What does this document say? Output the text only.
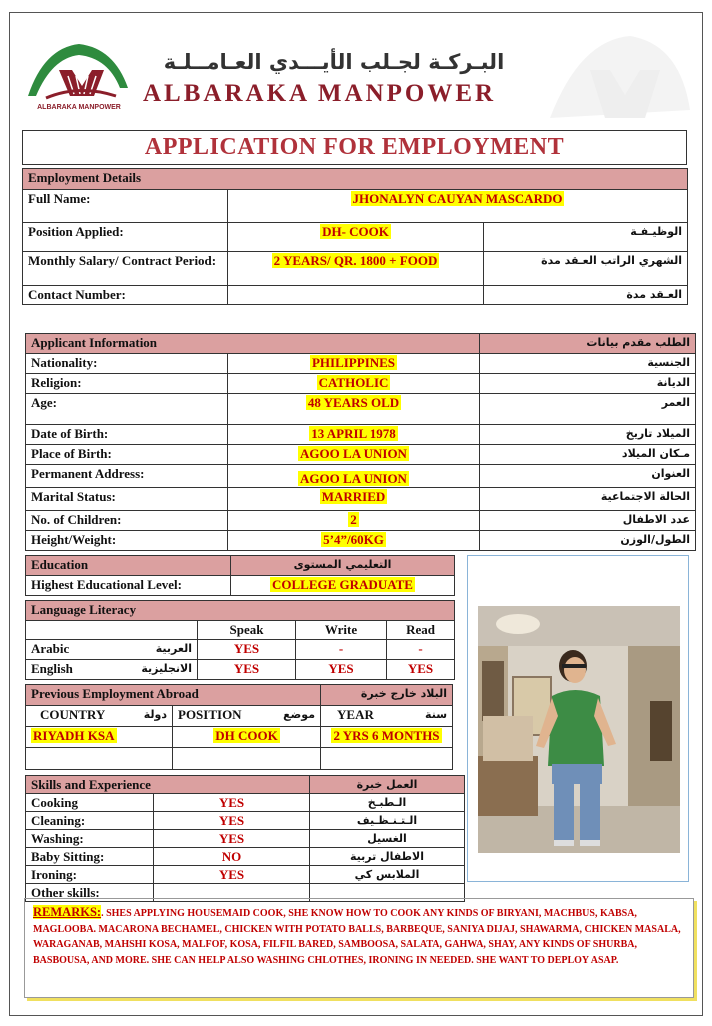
ALBARAKA MANPOWER
البـركـة لجـلب الأيـــدي العـامــلـة
ALBARAKA MANPOWER
APPLICATION FOR EMPLOYMENT
Employment Details		
Full Name:	JHONALYN CAUYAN MASCARDO	
Position Applied:	DH- COOK	الوظيـفـة
Monthly Salary/ Contract Period:	2 YEARS/ QR. 1800 + FOOD	الشهري الراتب العـقد مدة
Contact Number:		العـقد مدة
Applicant Information		الطلب مقدم بيانات
Nationality:	PHILIPPINES	الجنسية
Religion:	CATHOLIC	الديانة
Age:	48 YEARS OLD	العمر
Date of Birth:	13 APRIL 1978	الميلاد تاريخ
Place of Birth:	AGOO LA UNION	مـكان الميلاد
Permanent Address:	AGOO LA UNION	العنوان
Marital Status:	MARRIED	الحالة الاجتماعية
No. of Children:	2	عدد الاطفال
Height/Weight:	5’4”/60KG	الطول/الوزن
Education	التعليمي المستوى
Highest Educational Level:	COLLEGE GRADUATE
Language Literacy			
	Speak	Write	Read
Arabic العربية	YES	-	-
English الانجليزية	YES	YES	YES
Previous Employment Abroad		البلاد خارج خبرة
COUNTRY دولة	POSITION موضع	YEAR سنة

RIYADH KSA	DH COOK	2 YRS 6 MONTHS

Skills and Experience		العمل خبرة
Cooking	YES	الـطبـخ
Cleaning:	YES	الـتـنـظـيف
Washing:	YES	الغسيل
Baby Sitting:	NO	الاطفال تربية
Ironing:	YES	الملابس كي
Other skills:		
REMARKS:. SHES APPLYING HOUSEMAID COOK, SHE KNOW HOW TO COOK ANY KINDS OF BIRYANI, MACHBUS, KABSA, MAGLOOBA. MACARONA BECHAMEL, CHICKEN WITH POTATO BALLS, BARBEQUE, SANIYA DIJAJ, SHAWARMA, CHICKEN MASALA, WARAGANAB, MAHSHI KOSA, MALFOF, KOSA, FILFIL BARED, SAMBOOSA, SALATA, GAHWA, SHAY, ANY KINDS OF SHURBA, BASBOUSA, AND MORE. SHE CAN HELP ALSO WASHING CHLOTHES, IRONING IN NEEDED. SHE WANT TO DEPLOY ASAP.
